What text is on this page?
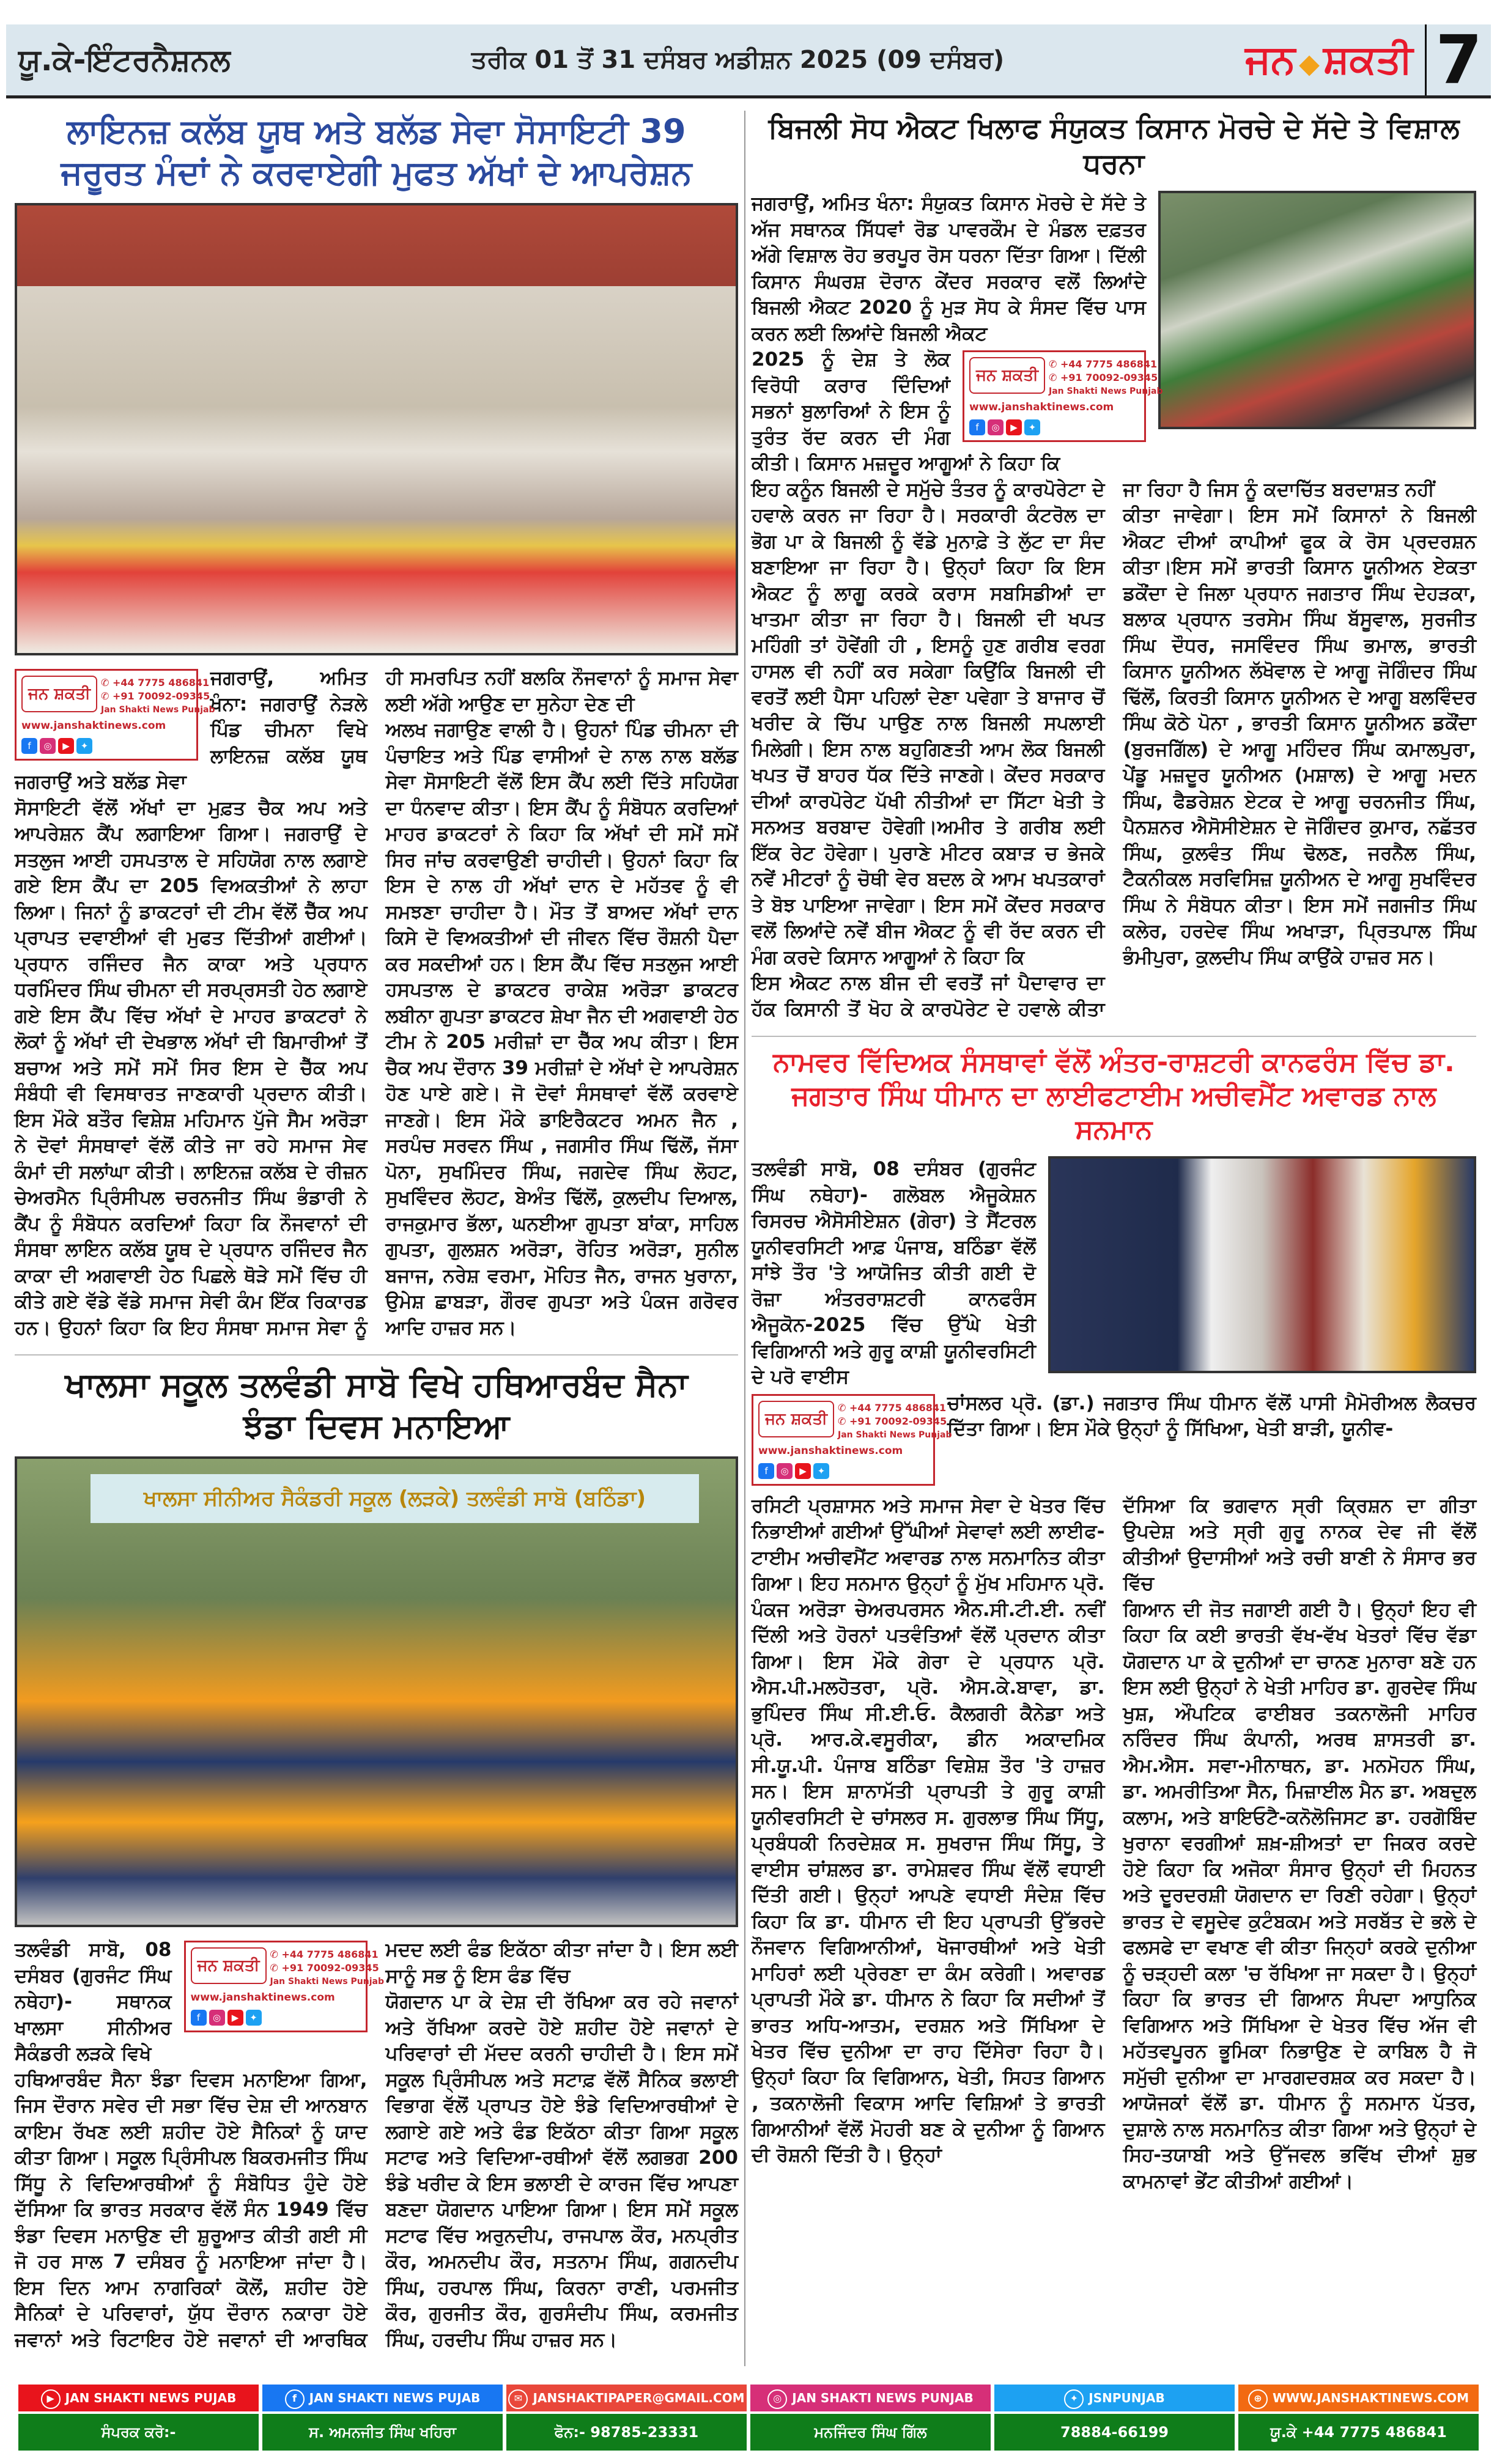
ਯੂ.ਕੇ-ਇੰਟਰਨੈਸ਼ਨਲ	ਤਰੀਕ 01 ਤੋਂ 31 ਦਸੰਬਰ ਅਡੀਸ਼ਨ 2025 (09 ਦਸੰਬਰ)	ਜਨ ◆ਸ਼ਕਤੀ 7
ਲਾਇਨਜ਼ ਕਲੱਬ ਯੂਥ ਅਤੇ ਬਲੱਡ ਸੇਵਾ ਸੋਸਾਇਟੀ 39
ਜਰੂਰਤ ਮੰਦਾਂ ਨੇ ਕਰਵਾਏਗੀ ਮੁਫਤ ਅੱਖਾਂ ਦੇ ਆਪਰੇਸ਼ਨ
ਜਨ ਸ਼ਕਤੀ
✆ +44 7775 486841
✆ +91 70092-09345
Jan Shakti News Punjab
www.janshaktinews.com
f ◎ ▶ ✦

ਜਗਰਾਉਂ, ਅਮਿਤ ਖੰਨਾ: ਜਗਰਾਉਂ ਨੇੜਲੇ ਪਿੰਡ ਚੀਮਨਾ ਵਿਖੇ ਲਾਇਨਜ਼ ਕਲੱਬ ਯੂਥ ਜਗਰਾਉਂ ਅਤੇ ਬਲੱਡ ਸੇਵਾ

ਸੋਸਾਇਟੀ ਵੱਲੋਂ ਅੱਖਾਂ ਦਾ ਮੁਫ਼ਤ ਚੈਕ ਅਪ ਅਤੇ ਆਪਰੇਸ਼ਨ ਕੈਂਪ ਲਗਾਇਆ ਗਿਆ। ਜਗਰਾਉਂ ਦੇ ਸਤਲੁਜ ਆਈ ਹਸਪਤਾਲ ਦੇ ਸਹਿਯੋਗ ਨਾਲ ਲਗਾਏ ਗਏ ਇਸ ਕੈਂਪ ਦਾ 205 ਵਿਅਕਤੀਆਂ ਨੇ ਲਾਹਾ ਲਿਆ। ਜਿਨਾਂ ਨੂੰ ਡਾਕਟਰਾਂ ਦੀ ਟੀਮ ਵੱਲੋਂ ਚੈੱਕ ਅਪ ਪ੍ਰਾਪਤ ਦਵਾਈਆਂ ਵੀ ਮੁਫਤ ਦਿੱਤੀਆਂ ਗਈਆਂ। ਪ੍ਰਧਾਨ ਰਜਿੰਦਰ ਜੈਨ ਕਾਕਾ ਅਤੇ ਪ੍ਰਧਾਨ ਧਰਮਿੰਦਰ ਸਿੰਘ ਚੀਮਨਾ ਦੀ ਸਰਪ੍ਰਸਤੀ ਹੇਠ ਲਗਾਏ ਗਏ ਇਸ ਕੈਂਪ ਵਿੱਚ ਅੱਖਾਂ ਦੇ ਮਾਹਰ ਡਾਕਟਰਾਂ ਨੇ ਲੋਕਾਂ ਨੂੰ ਅੱਖਾਂ ਦੀ ਦੇਖਭਾਲ ਅੱਖਾਂ ਦੀ ਬਿਮਾਰੀਆਂ ਤੋਂ ਬਚਾਅ ਅਤੇ ਸਮੇਂ ਸਮੇਂ ਸਿਰ ਇਸ ਦੇ ਚੈੱਕ ਅਪ ਸੰਬੰਧੀ ਵੀ ਵਿਸਥਾਰਤ ਜਾਣਕਾਰੀ ਪ੍ਰਦਾਨ ਕੀਤੀ। ਇਸ ਮੌਕੇ ਬਤੌਰ ਵਿਸ਼ੇਸ਼ ਮਹਿਮਾਨ ਪੁੱਜੇ ਸੈਮ ਅਰੋੜਾ ਨੇ ਦੋਵਾਂ ਸੰਸਥਾਵਾਂ ਵੱਲੋਂ ਕੀਤੇ ਜਾ ਰਹੇ ਸਮਾਜ ਸੇਵ ਕੰਮਾਂ ਦੀ ਸਲਾਂਘਾ ਕੀਤੀ। ਲਾਇਨਜ਼ ਕਲੱਬ ਦੇ ਰੀਜ਼ਨ ਚੇਅਰਮੈਨ ਪ੍ਰਿੰਸੀਪਲ ਚਰਨਜੀਤ ਸਿੰਘ ਭੰਡਾਰੀ ਨੇ ਕੈਂਪ ਨੂੰ ਸੰਬੋਧਨ ਕਰਦਿਆਂ ਕਿਹਾ ਕਿ ਨੌਜਵਾਨਾਂ ਦੀ ਸੰਸਥਾ ਲਾਇਨ ਕਲੱਬ ਯੂਥ ਦੇ ਪ੍ਰਧਾਨ ਰਜਿੰਦਰ ਜੈਨ ਕਾਕਾ ਦੀ ਅਗਵਾਈ ਹੇਠ ਪਿਛਲੇ ਥੋੜੇ ਸਮੇਂ ਵਿੱਚ ਹੀ ਕੀਤੇ ਗਏ ਵੱਡੇ ਵੱਡੇ ਸਮਾਜ ਸੇਵੀ ਕੰਮ ਇੱਕ ਰਿਕਾਰਡ ਹਨ। ਉਹਨਾਂ ਕਿਹਾ ਕਿ ਇਹ ਸੰਸਥਾ ਸਮਾਜ ਸੇਵਾ ਨੂੰ ਹੀ ਸਮਰਪਿਤ ਨਹੀਂ ਬਲਕਿ ਨੌਜਵਾਨਾਂ ਨੂੰ ਸਮਾਜ ਸੇਵਾ ਲਈ ਅੱਗੇ ਆਉਣ ਦਾ ਸੁਨੇਹਾ ਦੇਣ ਦੀ

ਅਲਖ ਜਗਾਉਣ ਵਾਲੀ ਹੈ। ਉਹਨਾਂ ਪਿੰਡ ਚੀਮਨਾ ਦੀ ਪੰਚਾਇਤ ਅਤੇ ਪਿੰਡ ਵਾਸੀਆਂ ਦੇ ਨਾਲ ਨਾਲ ਬਲੱਡ ਸੇਵਾ ਸੋਸਾਇਟੀ ਵੱਲੋਂ ਇਸ ਕੈਂਪ ਲਈ ਦਿੱਤੇ ਸਹਿਯੋਗ ਦਾ ਧੰਨਵਾਦ ਕੀਤਾ। ਇਸ ਕੈਂਪ ਨੂੰ ਸੰਬੋਧਨ ਕਰਦਿਆਂ ਮਾਹਰ ਡਾਕਟਰਾਂ ਨੇ ਕਿਹਾ ਕਿ ਅੱਖਾਂ ਦੀ ਸਮੇਂ ਸਮੇਂ ਸਿਰ ਜਾਂਚ ਕਰਵਾਉਣੀ ਚਾਹੀਦੀ। ਉਹਨਾਂ ਕਿਹਾ ਕਿ ਇਸ ਦੇ ਨਾਲ ਹੀ ਅੱਖਾਂ ਦਾਨ ਦੇ ਮਹੱਤਵ ਨੂੰ ਵੀ ਸਮਝਣਾ ਚਾਹੀਦਾ ਹੈ। ਮੌਤ ਤੋਂ ਬਾਅਦ ਅੱਖਾਂ ਦਾਨ ਕਿਸੇ ਦੋ ਵਿਅਕਤੀਆਂ ਦੀ ਜੀਵਨ ਵਿੱਚ ਰੌਸ਼ਨੀ ਪੈਦਾ ਕਰ ਸਕਦੀਆਂ ਹਨ। ਇਸ ਕੈਂਪ ਵਿੱਚ ਸਤਲੁਜ ਆਈ ਹਸਪਤਾਲ ਦੇ ਡਾਕਟਰ ਰਾਕੇਸ਼ ਅਰੋੜਾ ਡਾਕਟਰ ਲਬੀਨਾ ਗੁਪਤਾ ਡਾਕਟਰ ਸ਼ੇਖਾ ਜੈਨ ਦੀ ਅਗਵਾਈ ਹੇਠ ਟੀਮ ਨੇ 205 ਮਰੀਜ਼ਾਂ ਦਾ ਚੈੱਕ ਅਪ ਕੀਤਾ। ਇਸ ਚੈਕ ਅਪ ਦੌਰਾਨ 39 ਮਰੀਜ਼ਾਂ ਦੇ ਅੱਖਾਂ ਦੇ ਆਪਰੇਸ਼ਨ ਹੋਣ ਪਾਏ ਗਏ। ਜੋ ਦੋਵਾਂ ਸੰਸਥਾਵਾਂ ਵੱਲੋਂ ਕਰਵਾਏ ਜਾਣਗੇ। ਇਸ ਮੌਕੇ ਡਾਇਰੈਕਟਰ ਅਮਨ ਜੈਨ , ਸਰਪੰਚ ਸਰਵਨ ਸਿੰਘ , ਜਗਸੀਰ ਸਿੰਘ ਢਿੱਲੋਂ, ਜੱਸਾ ਪੋਨਾ, ਸੁਖਮਿੰਦਰ ਸਿੰਘ, ਜਗਦੇਵ ਸਿੰਘ ਲੋਹਟ, ਸੁਖਵਿੰਦਰ ਲੋਹਟ, ਬੇਅੰਤ ਢਿੱਲੋਂ, ਕੁਲਦੀਪ ਦਿਆਲ, ਰਾਜਕੁਮਾਰ ਭੱਲਾ, ਘਨਈਆ ਗੁਪਤਾ ਬਾਂਕਾ, ਸਾਹਿਲ ਗੁਪਤਾ, ਗੁਲਸ਼ਨ ਅਰੋੜਾ, ਰੋਹਿਤ ਅਰੋੜਾ, ਸੁਨੀਲ ਬਜਾਜ, ਨਰੇਸ਼ ਵਰਮਾ, ਮੋਹਿਤ ਜੈਨ, ਰਾਜਨ ਖੁਰਾਨਾ, ਉਮੇਸ਼ ਛਾਬੜਾ, ਗੌਰਵ ਗੁਪਤਾ ਅਤੇ ਪੰਕਜ ਗਰੋਵਰ ਆਦਿ ਹਾਜ਼ਰ ਸਨ।

ਖਾਲਸਾ ਸਕੂਲ ਤਲਵੰਡੀ ਸਾਬੋ ਵਿਖੇ ਹਥਿਆਰਬੰਦ ਸੈਨਾ
ਝੰਡਾ ਦਿਵਸ ਮਨਾਇਆ
ਖਾਲਸਾ ਸੀਨੀਅਰ ਸੈਕੰਡਰੀ ਸਕੂਲ (ਲੜਕੇ) ਤਲਵੰਡੀ ਸਾਬੋ (ਬਠਿੰਡਾ)
ਜਨ ਸ਼ਕਤੀ
✆ +44 7775 486841
✆ +91 70092-09345
Jan Shakti News Punjab
www.janshaktinews.com
f ◎ ▶ ✦

ਤਲਵੰਡੀ ਸਾਬੋ, 08 ਦਸੰਬਰ (ਗੁਰਜੰਟ ਸਿੰਘ ਨਥੇਹਾ)- ਸਥਾਨਕ ਖਾਲਸਾ ਸੀਨੀਅਰ ਸੈਕੰਡਰੀ ਲੜਕੇ ਵਿਖੇ

ਹਥਿਆਰਬੰਦ ਸੈਨਾ ਝੰਡਾ ਦਿਵਸ ਮਨਾਇਆ ਗਿਆ, ਜਿਸ ਦੌਰਾਨ ਸਵੇਰ ਦੀ ਸਭਾ ਵਿੱਚ ਦੇਸ਼ ਦੀ ਆਨਬਾਨ ਕਾਇਮ ਰੱਖਣ ਲਈ ਸ਼ਹੀਦ ਹੋਏ ਸੈਨਿਕਾਂ ਨੂੰ ਯਾਦ ਕੀਤਾ ਗਿਆ। ਸਕੂਲ ਪ੍ਰਿੰਸੀਪਲ ਬਿਕਰਮਜੀਤ ਸਿੰਘ ਸਿੱਧੂ ਨੇ ਵਿਦਿਆਰਥੀਆਂ ਨੂੰ ਸੰਬੋਧਿਤ ਹੁੰਦੇ ਹੋਏ ਦੱਸਿਆ ਕਿ ਭਾਰਤ ਸਰਕਾਰ ਵੱਲੋਂ ਸੰਨ 1949 ਵਿੱਚ ਝੰਡਾ ਦਿਵਸ ਮਨਾਉਣ ਦੀ ਸ਼ੁਰੂਆਤ ਕੀਤੀ ਗਈ ਸੀ ਜੋ ਹਰ ਸਾਲ 7 ਦਸੰਬਰ ਨੂੰ ਮਨਾਇਆ ਜਾਂਦਾ ਹੈ। ਇਸ ਦਿਨ ਆਮ ਨਾਗਰਿਕਾਂ ਕੋਲੋਂ, ਸ਼ਹੀਦ ਹੋਏ ਸੈਨਿਕਾਂ ਦੇ ਪਰਿਵਾਰਾਂ, ਯੁੱਧ ਦੌਰਾਨ ਨਕਾਰਾ ਹੋਏ ਜਵਾਨਾਂ ਅਤੇ ਰਿਟਾਇਰ ਹੋਏ ਜਵਾਨਾਂ ਦੀ ਆਰਥਿਕ ਮਦਦ ਲਈ ਫੰਡ ਇਕੱਠਾ ਕੀਤਾ ਜਾਂਦਾ ਹੈ। ਇਸ ਲਈ ਸਾਨੂੰ ਸਭ ਨੂੰ ਇਸ ਫੰਡ ਵਿੱਚ

ਯੋਗਦਾਨ ਪਾ ਕੇ ਦੇਸ਼ ਦੀ ਰੱਖਿਆ ਕਰ ਰਹੇ ਜਵਾਨਾਂ ਅਤੇ ਰੱਖਿਆ ਕਰਦੇ ਹੋਏ ਸ਼ਹੀਦ ਹੋਏ ਜਵਾਨਾਂ ਦੇ ਪਰਿਵਾਰਾਂ ਦੀ ਮੱਦਦ ਕਰਨੀ ਚਾਹੀਦੀ ਹੈ। ਇਸ ਸਮੇਂ ਸਕੂਲ ਪ੍ਰਿੰਸੀਪਲ ਅਤੇ ਸਟਾਫ਼ ਵੱਲੋਂ ਸੈਨਿਕ ਭਲਾਈ ਵਿਭਾਗ ਵੱਲੋਂ ਪ੍ਰਾਪਤ ਹੋਏ ਝੰਡੇ ਵਿਦਿਆਰਥੀਆਂ ਦੇ ਲਗਾਏ ਗਏ ਅਤੇ ਫੰਡ ਇਕੱਠਾ ਕੀਤਾ ਗਿਆ ਸਕੂਲ ਸਟਾਫ ਅਤੇ ਵਿਦਿਆ-ਰਥੀਆਂ ਵੱਲੋਂ ਲਗਭਗ 200 ਝੰਡੇ ਖਰੀਦ ਕੇ ਇਸ ਭਲਾਈ ਦੇ ਕਾਰਜ ਵਿੱਚ ਆਪਣਾ ਬਣਦਾ ਯੋਗਦਾਨ ਪਾਇਆ ਗਿਆ। ਇਸ ਸਮੇਂ ਸਕੂਲ ਸਟਾਫ ਵਿੱਚ ਅਰੁਨਦੀਪ, ਰਾਜਪਾਲ ਕੌਰ, ਮਨਪ੍ਰੀਤ ਕੌਰ, ਅਮਨਦੀਪ ਕੌਰ, ਸਤਨਾਮ ਸਿੰਘ, ਗਗਨਦੀਪ ਸਿੰਘ, ਹਰਪਾਲ ਸਿੰਘ, ਕਿਰਨਾ ਰਾਣੀ, ਪਰਮਜੀਤ ਕੌਰ, ਗੁਰਜੀਤ ਕੌਰ, ਗੁਰਸੰਦੀਪ ਸਿੰਘ, ਕਰਮਜੀਤ ਸਿੰਘ, ਹਰਦੀਪ ਸਿੰਘ ਹਾਜ਼ਰ ਸਨ।

ਬਿਜਲੀ ਸੋਧ ਐਕਟ ਖਿਲਾਫ ਸੰਯੁਕਤ ਕਿਸਾਨ ਮੋਰਚੇ ਦੇ ਸੱਦੇ ਤੇ ਵਿਸ਼ਾਲ ਧਰਨਾ

ਜਗਰਾਉਂ, ਅਮਿਤ ਖੰਨਾ: ਸੰਯੁਕਤ ਕਿਸਾਨ ਮੋਰਚੇ ਦੇ ਸੱਦੇ ਤੇ ਅੱਜ ਸਥਾਨਕ ਸਿੱਧਵਾਂ ਰੋਡ ਪਾਵਰਕੌਮ ਦੇ ਮੰਡਲ ਦਫ਼ਤਰ ਅੱਗੇ ਵਿਸ਼ਾਲ ਰੋਹ ਭਰਪੂਰ ਰੋਸ ਧਰਨਾ ਦਿੱਤਾ ਗਿਆ। ਦਿੱਲੀ ਕਿਸਾਨ ਸੰਘਰਸ਼ ਦੋਰਾਨ ਕੇਂਦਰ ਸਰਕਾਰ ਵਲੋਂ ਲਿਆਂਦੇ ਬਿਜਲੀ ਐਕਟ 2020 ਨੂੰ ਮੁੜ ਸੋਧ ਕੇ ਸੰਸਦ ਵਿੱਚ ਪਾਸ ਕਰਨ ਲਈ ਲਿਆਂਦੇ ਬਿਜਲੀ ਐਕਟ

ਜਨ ਸ਼ਕਤੀ
✆ +44 7775 486841
✆ +91 70092-09345
Jan Shakti News Punjab
www.janshaktinews.com
f ◎ ▶ ✦

2025 ਨੂੰ ਦੇਸ਼ ਤੇ ਲੋਕ ਵਿਰੋਧੀ ਕਰਾਰ ਦਿੰਦਿਆਂ ਸਭਨਾਂ ਬੁਲਾਰਿਆਂ ਨੇ ਇਸ ਨੂੰ ਤੁਰੰਤ ਰੱਦ ਕਰਨ ਦੀ ਮੰਗ ਕੀਤੀ। ਕਿਸਾਨ ਮਜ਼ਦੂਰ ਆਗੂਆਂ ਨੇ ਕਿਹਾ ਕਿ

ਇਹ ਕਨੂੰਨ ਬਿਜਲੀ ਦੇ ਸਮੁੱਚੇ ਤੰਤਰ ਨੂੰ ਕਾਰਪੋਰੇਟਾ ਦੇ ਹਵਾਲੇ ਕਰਨ ਜਾ ਰਿਹਾ ਹੈ। ਸਰਕਾਰੀ ਕੰਟਰੋਲ ਦਾ ਭੋਗ ਪਾ ਕੇ ਬਿਜਲੀ ਨੂੰ ਵੱਡੇ ਮੁਨਾਫ਼ੇ ਤੇ ਲੁੱਟ ਦਾ ਸੰਦ ਬਣਾਇਆ ਜਾ ਰਿਹਾ ਹੈ। ਉਨ੍ਹਾਂ ਕਿਹਾ ਕਿ ਇਸ ਐਕਟ ਨੂੰ ਲਾਗੂ ਕਰਕੇ ਕਰਾਸ ਸਬਸਿਡੀਆਂ ਦਾ ਖਾਤਮਾ ਕੀਤਾ ਜਾ ਰਿਹਾ ਹੈ। ਬਿਜਲੀ ਦੀ ਖਪਤ ਮਹਿੰਗੀ ਤਾਂ ਹੋਵੇਂਗੀ ਹੀ , ਇਸਨੂੰ ਹੁਣ ਗਰੀਬ ਵਰਗ ਹਾਸਲ ਵੀ ਨਹੀਂ ਕਰ ਸਕੇਗਾ ਕਿਉਂਕਿ ਬਿਜਲੀ ਦੀ ਵਰਤੋਂ ਲਈ ਪੈਸਾ ਪਹਿਲਾਂ ਦੇਣਾ ਪਵੇਗਾ ਤੇ ਬਾਜਾਰ ਚੋਂ ਖਰੀਦ ਕੇ ਚਿੱਪ ਪਾਉਣ ਨਾਲ ਬਿਜਲੀ ਸਪਲਾਈ ਮਿਲੇਗੀ। ਇਸ ਨਾਲ ਬਹੁਗਿਣਤੀ ਆਮ ਲੋਕ ਬਿਜਲੀ ਖਪਤ ਚੋਂ ਬਾਹਰ ਧੱਕ ਦਿੱਤੇ ਜਾਣਗੇ। ਕੇਂਦਰ ਸਰਕਾਰ ਦੀਆਂ ਕਾਰਪੋਰੇਟ ਪੱਖੀ ਨੀਤੀਆਂ ਦਾ ਸਿੱਟਾ ਖੇਤੀ ਤੇ ਸਨਅਤ ਬਰਬਾਦ ਹੋਵੇਗੀ।ਅਮੀਰ ਤੇ ਗਰੀਬ ਲਈ ਇੱਕ ਰੇਟ ਹੋਵੇਗਾ। ਪੁਰਾਣੇ ਮੀਟਰ ਕਬਾੜ ਚ ਭੇਜਕੇ ਨਵੇਂ ਮੀਟਰਾਂ ਨੂੰ ਚੋਥੀ ਵੇਰ ਬਦਲ ਕੇ ਆਮ ਖਪਤਕਾਰਾਂ ਤੇ ਬੋਝ ਪਾਇਆ ਜਾਵੇਗਾ। ਇਸ ਸਮੇਂ ਕੇਂਦਰ ਸਰਕਾਰ ਵਲੋਂ ਲਿਆਂਦੇ ਨਵੇਂ ਬੀਜ ਐਕਟ ਨੂੰ ਵੀ ਰੱਦ ਕਰਨ ਦੀ ਮੰਗ ਕਰਦੇ ਕਿਸਾਨ ਆਗੂਆਂ ਨੇ ਕਿਹਾ ਕਿ

ਇਸ ਐਕਟ ਨਾਲ ਬੀਜ ਦੀ ਵਰਤੋਂ ਜਾਂ ਪੈਦਾਵਾਰ ਦਾ ਹੱਕ ਕਿਸਾਨੀ ਤੋਂ ਖੋਹ ਕੇ ਕਾਰਪੋਰੇਟ ਦੇ ਹਵਾਲੇ ਕੀਤਾ ਜਾ ਰਿਹਾ ਹੈ ਜਿਸ ਨੂੰ ਕਦਾਚਿੱਤ ਬਰਦਾਸ਼ਤ ਨਹੀਂ

ਕੀਤਾ ਜਾਵੇਗਾ। ਇਸ ਸਮੇਂ ਕਿਸਾਨਾਂ ਨੇ ਬਿਜਲੀ ਐਕਟ ਦੀਆਂ ਕਾਪੀਆਂ ਫੂਕ ਕੇ ਰੋਸ ਪ੍ਰਦਰਸ਼ਨ ਕੀਤਾ।ਇਸ ਸਮੇਂ ਭਾਰਤੀ ਕਿਸਾਨ ਯੂਨੀਅਨ ਏਕਤਾ ਡਕੌਂਦਾ ਦੇ ਜਿਲਾ ਪ੍ਰਧਾਨ ਜਗਤਾਰ ਸਿੰਘ ਦੇਹੜਕਾ, ਬਲਾਕ ਪ੍ਰਧਾਨ ਤਰਸੇਮ ਸਿੰਘ ਬੱਸੂਵਾਲ, ਸੁਰਜੀਤ ਸਿੰਘ ਦੌਧਰ, ਜਸਵਿੰਦਰ ਸਿੰਘ ਭਮਾਲ, ਭਾਰਤੀ ਕਿਸਾਨ ਯੂਨੀਅਨ ਲੱਖੋਵਾਲ ਦੇ ਆਗੂ ਜੋਗਿੰਦਰ ਸਿੰਘ ਢਿੱਲੋਂ, ਕਿਰਤੀ ਕਿਸਾਨ ਯੂਨੀਅਨ ਦੇ ਆਗੂ ਬਲਵਿੰਦਰ ਸਿੰਘ ਕੋਠੇ ਪੋਨਾ , ਭਾਰਤੀ ਕਿਸਾਨ ਯੂਨੀਅਨ ਡਕੌਂਦਾ (ਬੁਰਜਗਿੱਲ) ਦੇ ਆਗੂ ਮਹਿੰਦਰ ਸਿੰਘ ਕਮਾਲਪੁਰਾ, ਪੇਂਡੂ ਮਜ਼ਦੂਰ ਯੂਨੀਅਨ (ਮਸ਼ਾਲ) ਦੇ ਆਗੂ ਮਦਨ ਸਿੰਘ, ਫੈਡਰੇਸ਼ਨ ਏਟਕ ਦੇ ਆਗੂ ਚਰਨਜੀਤ ਸਿੰਘ, ਪੈਨਸ਼ਨਰ ਐਸੋਸੀਏਸ਼ਨ ਦੇ ਜੋਗਿੰਦਰ ਕੁਮਾਰ, ਨਛੱਤਰ ਸਿੰਘ, ਕੁਲਵੰਤ ਸਿੰਘ ਢੋਲਣ, ਜਰਨੈਲ ਸਿੰਘ, ਟੈਕਨੀਕਲ ਸਰਵਿਸਿਜ਼ ਯੂਨੀਅਨ ਦੇ ਆਗੂ ਸੁਖਵਿੰਦਰ ਸਿੰਘ ਨੇ ਸੰਬੋਧਨ ਕੀਤਾ। ਇਸ ਸਮੇਂ ਜਗਜੀਤ ਸਿੰਘ ਕਲੇਰ, ਹਰਦੇਵ ਸਿੰਘ ਅਖਾੜਾ, ਪ੍ਰਿਤਪਾਲ ਸਿੰਘ ਭੰਮੀਪੁਰਾ, ਕੁਲਦੀਪ ਸਿੰਘ ਕਾਉਂਕੇ ਹਾਜ਼ਰ ਸਨ।

ਨਾਮਵਰ ਵਿੱਦਿਅਕ ਸੰਸਥਾਵਾਂ ਵੱਲੋਂ ਅੰਤਰ-ਰਾਸ਼ਟਰੀ ਕਾਨਫਰੰਸ ਵਿੱਚ ਡਾ.
ਜਗਤਾਰ ਸਿੰਘ ਧੀਮਾਨ ਦਾ ਲਾਈਫਟਾਈਮ ਅਚੀਵਮੈਂਟ ਅਵਾਰਡ ਨਾਲ ਸਨਮਾਨ

ਤਲਵੰਡੀ ਸਾਬੋ, 08 ਦਸੰਬਰ (ਗੁਰਜੰਟ ਸਿੰਘ ਨਥੇਹਾ)- ਗਲੋਬਲ ਐਜੂਕੇਸ਼ਨ ਰਿਸਰਚ ਐਸੋਸੀਏਸ਼ਨ (ਗੇਰਾ) ਤੇ ਸੈਂਟਰਲ ਯੂਨੀਵਰਸਿਟੀ ਆਫ਼ ਪੰਜਾਬ, ਬਠਿੰਡਾ ਵੱਲੋਂ ਸਾਂਝੇ ਤੌਰ 'ਤੇ ਆਯੋਜਿਤ ਕੀਤੀ ਗਈ ਦੋ ਰੋਜ਼ਾ ਅੰਤਰਰਾਸ਼ਟਰੀ ਕਾਨਫਰੰਸ ਐਜੂਕੋਨ-2025 ਵਿੱਚ ਉੱਘੇ ਖੇਤੀ ਵਿਗਿਆਨੀ ਅਤੇ ਗੁਰੂ ਕਾਸ਼ੀ ਯੂਨੀਵਰਸਿਟੀ ਦੇ ਪਰੋ ਵਾਈਸ

ਜਨ ਸ਼ਕਤੀ
✆ +44 7775 486841
✆ +91 70092-09345
Jan Shakti News Punjab
www.janshaktinews.com
f ◎ ▶ ✦

ਚਾਂਸਲਰ ਪ੍ਰੋ. (ਡਾ.) ਜਗਤਾਰ ਸਿੰਘ ਧੀਮਾਨ ਵੱਲੋਂ ਪਾਸੀ ਮੈਮੋਰੀਅਲ ਲੈਕਚਰ ਦਿੱਤਾ ਗਿਆ। ਇਸ ਮੌਕੇ ਉਨ੍ਹਾਂ ਨੂੰ ਸਿੱਖਿਆ, ਖੇਤੀ ਬਾੜੀ, ਯੂਨੀਵ-

ਰਸਿਟੀ ਪ੍ਰਸ਼ਾਸਨ ਅਤੇ ਸਮਾਜ ਸੇਵਾ ਦੇ ਖੇਤਰ ਵਿੱਚ ਨਿਭਾਈਆਂ ਗਈਆਂ ਉੱਘੀਆਂ ਸੇਵਾਵਾਂ ਲਈ ਲਾਈਫ-ਟਾਈਮ ਅਚੀਵਮੈਂਟ ਅਵਾਰਡ ਨਾਲ ਸਨਮਾਨਿਤ ਕੀਤਾ ਗਿਆ। ਇਹ ਸਨਮਾਨ ਉਨ੍ਹਾਂ ਨੂੰ ਮੁੱਖ ਮਹਿਮਾਨ ਪ੍ਰੋ. ਪੰਕਜ ਅਰੋੜਾ ਚੇਅਰਪਰਸਨ ਐਨ.ਸੀ.ਟੀ.ਈ. ਨਵੀਂ ਦਿੱਲੀ ਅਤੇ ਹੋਰਨਾਂ ਪਤਵੰਤਿਆਂ ਵੱਲੋਂ ਪ੍ਰਦਾਨ ਕੀਤਾ ਗਿਆ। ਇਸ ਮੌਕੇ ਗੇਰਾ ਦੇ ਪ੍ਰਧਾਨ ਪ੍ਰੋ. ਐਸ.ਪੀ.ਮਲਹੋਤਰਾ, ਪ੍ਰੋ. ਐਸ.ਕੇ.ਬਾਵਾ, ਡਾ. ਭੁਪਿੰਦਰ ਸਿੰਘ ਸੀ.ਈ.ਓ. ਕੈਲਗਰੀ ਕੈਨੇਡਾ ਅਤੇ ਪ੍ਰੋ. ਆਰ.ਕੇ.ਵਸੂਰੀਕਾ, ਡੀਨ ਅਕਾਦਮਿਕ ਸੀ.ਯੂ.ਪੀ. ਪੰਜਾਬ ਬਠਿੰਡਾ ਵਿਸ਼ੇਸ਼ ਤੌਰ 'ਤੇ ਹਾਜ਼ਰ ਸਨ। ਇਸ ਸ਼ਾਨਾਮੱਤੀ ਪ੍ਰਾਪਤੀ ਤੇ ਗੁਰੂ ਕਾਸ਼ੀ ਯੂਨੀਵਰਸਿਟੀ ਦੇ ਚਾਂਸਲਰ ਸ. ਗੁਰਲਾਭ ਸਿੰਘ ਸਿੱਧੂ, ਪ੍ਰਬੰਧਕੀ ਨਿਰਦੇਸ਼ਕ ਸ. ਸੁਖਰਾਜ ਸਿੰਘ ਸਿੱਧੂ, ਤੇ ਵਾਈਸ ਚਾਂਸ਼ਲਰ ਡਾ. ਰਾਮੇਸ਼ਵਰ ਸਿੰਘ ਵੱਲੋਂ ਵਧਾਈ ਦਿੱਤੀ ਗਈ। ਉਨ੍ਹਾਂ ਆਪਣੇ ਵਧਾਈ ਸੰਦੇਸ਼ ਵਿੱਚ ਕਿਹਾ ਕਿ ਡਾ. ਧੀਮਾਨ ਦੀ ਇਹ ਪ੍ਰਾਪਤੀ ਉੱਭਰਦੇ ਨੌਜਵਾਨ ਵਿਗਿਆਨੀਆਂ, ਖੋਜਾਰਥੀਆਂ ਅਤੇ ਖੇਤੀ ਮਾਹਿਰਾਂ ਲਈ ਪ੍ਰੇਰਣਾ ਦਾ ਕੰਮ ਕਰੇਗੀ। ਅਵਾਰਡ ਪ੍ਰਾਪਤੀ ਮੌਕੇ ਡਾ. ਧੀਮਾਨ ਨੇ ਕਿਹਾ ਕਿ ਸਦੀਆਂ ਤੋਂ ਭਾਰਤ ਅਧਿ-ਆਤਮ, ਦਰਸ਼ਨ ਅਤੇ ਸਿੱਖਿਆ ਦੇ ਖੇਤਰ ਵਿੱਚ ਦੁਨੀਆ ਦਾ ਰਾਹ ਦਿੱਸੇਰਾ ਰਿਹਾ ਹੈ। ਉਨ੍ਹਾਂ ਕਿਹਾ ਕਿ ਵਿਗਿਆਨ, ਖੇਤੀ, ਸਿਹਤ ਗਿਆਨ , ਤਕਨਾਲੋਜੀ ਵਿਕਾਸ ਆਦਿ ਵਿਸ਼ਿਆਂ ਤੇ ਭਾਰਤੀ ਗਿਆਨੀਆਂ ਵੱਲੋਂ ਮੋਹਰੀ ਬਣ ਕੇ ਦੁਨੀਆ ਨੂੰ ਗਿਆਨ ਦੀ ਰੋਸ਼ਨੀ ਦਿੱਤੀ ਹੈ। ਉਨ੍ਹਾਂ

ਦੱਸਿਆ ਕਿ ਭਗਵਾਨ ਸ੍ਰੀ ਕ੍ਰਿਸ਼ਨ ਦਾ ਗੀਤਾ ਉਪਦੇਸ਼ ਅਤੇ ਸ੍ਰੀ ਗੁਰੂ ਨਾਨਕ ਦੇਵ ਜੀ ਵੱਲੋਂ ਕੀਤੀਆਂ ਉਦਾਸੀਆਂ ਅਤੇ ਰਚੀ ਬਾਣੀ ਨੇ ਸੰਸਾਰ ਭਰ ਵਿੱਚ

ਗਿਆਨ ਦੀ ਜੋਤ ਜਗਾਈ ਗਈ ਹੈ। ਉਨ੍ਹਾਂ ਇਹ ਵੀ ਕਿਹਾ ਕਿ ਕਈ ਭਾਰਤੀ ਵੱਖ-ਵੱਖ ਖੇਤਰਾਂ ਵਿੱਚ ਵੱਡਾ ਯੋਗਦਾਨ ਪਾ ਕੇ ਦੁਨੀਆਂ ਦਾ ਚਾਨਣ ਮੁਨਾਰਾ ਬਣੇ ਹਨ ਇਸ ਲਈ ਉਨ੍ਹਾਂ ਨੇ ਖੇਤੀ ਮਾਹਿਰ ਡਾ. ਗੁਰਦੇਵ ਸਿੰਘ ਖੁਸ਼, ਔਪਟਿਕ ਫਾਈਬਰ ਤਕਨਾਲੋਜੀ ਮਾਹਿਰ ਨਰਿੰਦਰ ਸਿੰਘ ਕੰਪਾਨੀ, ਅਰਥ ਸ਼ਾਸਤਰੀ ਡਾ. ਐਮ.ਐਸ. ਸਵਾ-ਮੀਨਾਥਨ, ਡਾ. ਮਨਮੋਹਨ ਸਿੰਘ, ਡਾ. ਅਮਰੀਤਿਆ ਸੈਨ, ਮਿਜ਼ਾਈਲ ਮੈਨ ਡਾ. ਅਬਦੁਲ ਕਲਾਮ, ਅਤੇ ਬਾਇਓਟੈ-ਕਨੋਲੋਜਿਸਟ ਡਾ. ਹਰਗੋਬਿੰਦ ਖੁਰਾਨਾ ਵਰਗੀਆਂ ਸ਼ਖ਼-ਸ਼ੀਅਤਾਂ ਦਾ ਜਿਕਰ ਕਰਦੇ ਹੋਏ ਕਿਹਾ ਕਿ ਅਜੋਕਾ ਸੰਸਾਰ ਉਨ੍ਹਾਂ ਦੀ ਮਿਹਨਤ ਅਤੇ ਦੂਰਦਰਸ਼ੀ ਯੋਗਦਾਨ ਦਾ ਰਿਣੀ ਰਹੇਗਾ। ਉਨ੍ਹਾਂ ਭਾਰਤ ਦੇ ਵਸੂਦੇਵ ਕੁਟੰਬਕਮ ਅਤੇ ਸਰਬੱਤ ਦੇ ਭਲੇ ਦੇ ਫਲਸਫੇ ਦਾ ਵਖਾਣ ਵੀ ਕੀਤਾ ਜਿਨ੍ਹਾਂ ਕਰਕੇ ਦੁਨੀਆ ਨੂੰ ਚੜ੍ਹਦੀ ਕਲਾ 'ਚ ਰੱਖਿਆ ਜਾ ਸਕਦਾ ਹੈ। ਉਨ੍ਹਾਂ ਕਿਹਾ ਕਿ ਭਾਰਤ ਦੀ ਗਿਆਨ ਸੰਪਦਾ ਆਧੁਨਿਕ ਵਿਗਿਆਨ ਅਤੇ ਸਿੱਖਿਆ ਦੇ ਖੇਤਰ ਵਿੱਚ ਅੱਜ ਵੀ ਮਹੱਤਵਪੂਰਨ ਭੂਮਿਕਾ ਨਿਭਾਉਣ ਦੇ ਕਾਬਿਲ ਹੈ ਜੋ ਸਮੁੱਚੀ ਦੁਨੀਆ ਦਾ ਮਾਰਗਦਰਸ਼ਕ ਕਰ ਸਕਦਾ ਹੈ। ਆਯੋਜਕਾਂ ਵੱਲੋਂ ਡਾ. ਧੀਮਾਨ ਨੂੰ ਸਨਮਾਨ ਪੱਤਰ, ਦੁਸ਼ਾਲੇ ਨਾਲ ਸਨਮਾਨਿਤ ਕੀਤਾ ਗਿਆ ਅਤੇ ਉਨ੍ਹਾਂ ਦੇ ਸਿਹ-ਤਯਾਬੀ ਅਤੇ ਉੱਜਵਲ ਭਵਿੱਖ ਦੀਆਂ ਸ਼ੁਭ ਕਾਮਨਾਵਾਂ ਭੇਂਟ ਕੀਤੀਆਂ ਗਈਆਂ।

▶ JAN SHAKTI NEWS PUJAB	f JAN SHAKTI NEWS PUJAB	✉ JANSHAKTIPAPER@GMAIL.COM	◎ JAN SHAKTI NEWS PUNJAB	✦ JSNPUNJAB	⊕ WWW.JANSHAKTINEWS.COM
ਸੰਪਰਕ ਕਰੋ:-	ਸ. ਅਮਨਜੀਤ ਸਿੰਘ ਖਹਿਰਾ	ਫੋਨ:- 98785-23331	ਮਨਜਿੰਦਰ ਸਿੰਘ ਗਿੱਲ	78884-66199	ਯੂ.ਕੇ +44 7775 486841
